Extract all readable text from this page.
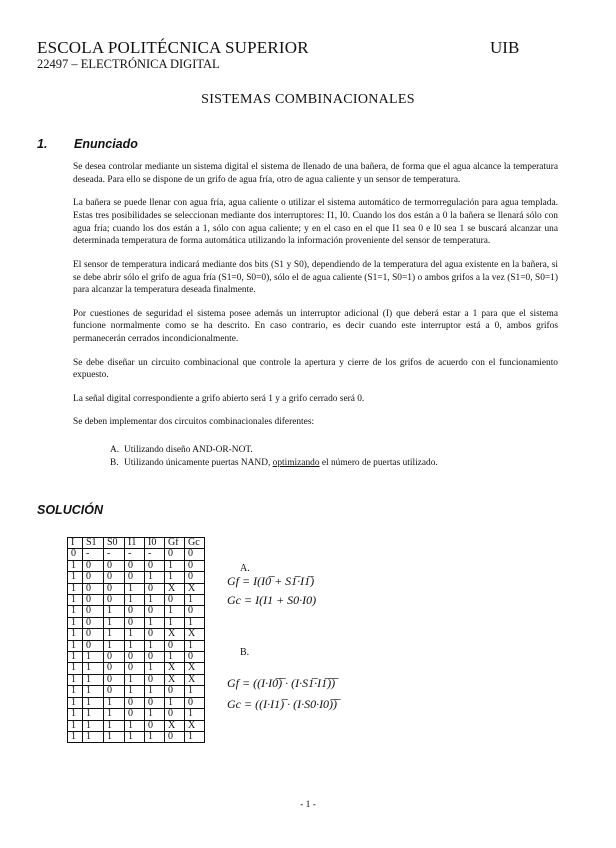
ESCOLA POLITÉCNICA SUPERIOR	UIB
22497 – ELECTRÓNICA DIGITAL
SISTEMAS COMBINACIONALES
1. Enunciado

Se desea controlar mediante un sistema digital el sistema de llenado de una bañera, de forma que el agua alcance la temperatura deseada. Para ello se dispone de un grifo de agua fría, otro de agua caliente y un sensor de temperatura.

La bañera se puede llenar con agua fría, agua caliente o utilizar el sistema automático de termorregulación para agua templada. Estas tres posibilidades se seleccionan mediante dos interruptores: I1, I0. Cuando los dos están a 0 la bañera se llenará sólo con agua fría; cuando los dos están a 1, sólo con agua caliente; y en el caso en el que I1 sea 0 e I0 sea 1 se buscará alcanzar una determinada temperatura de forma automática utilizando la información proveniente del sensor de temperatura.

El sensor de temperatura indicará mediante dos bits (S1 y S0), dependiendo de la temperatura del agua existente en la bañera, si se debe abrir sólo el grifo de agua fría (S1=0, S0=0), sólo el de agua caliente (S1=1, S0=1) o ambos grifos a la vez (S1=0, S0=1) para alcanzar la temperatura deseada finalmente.

Por cuestiones de seguridad el sistema posee además un interruptor adicional (I) que deberá estar a 1 para que el sistema funcione normalmente como se ha descrito. En caso contrario, es decir cuando este interruptor está a 0, ambos grifos permanecerán cerrados incondicionalmente.

Se debe diseñar un circuito combinacional que controle la apertura y cierre de los grifos de acuerdo con el funcionamiento expuesto.

La señal digital correspondiente a grifo abierto será 1 y a grifo cerrado será 0.

Se deben implementar dos circuitos combinacionales diferentes:

A. Utilizando diseño AND-OR-NOT.
B. Utilizando únicamente puertas NAND, optimizando el número de puertas utilizado.
SOLUCIÓN
I	S1	S0	I1	I0	Gf	Gc
0	-	-	-	-	0	0
1	0	0	0	0	1	0
1	0	0	0	1	1	0
1	0	0	1	0	X	X
1	0	0	1	1	0	1
1	0	1	0	0	1	0
1	0	1	0	1	1	1
1	0	1	1	0	X	X
1	0	1	1	1	0	1
1	1	0	0	0	1	0
1	1	0	0	1	X	X
1	1	0	1	0	X	X
1	1	0	1	1	0	1
1	1	1	0	0	1	0
1	1	1	0	1	0	1
1	1	1	1	0	X	X
1	1	1	1	1	0	1
A.
Gf = I(I0̅ + S1̅·I1̅)
Gc = I(I1 + S0·I0)
B.
Gf = ((I·I0̅)̅ · (I·S1̅·I1̅)̅)̅
Gc = ((I·I1)̅ · (I·S0·I0)̅)̅
- 1 -
